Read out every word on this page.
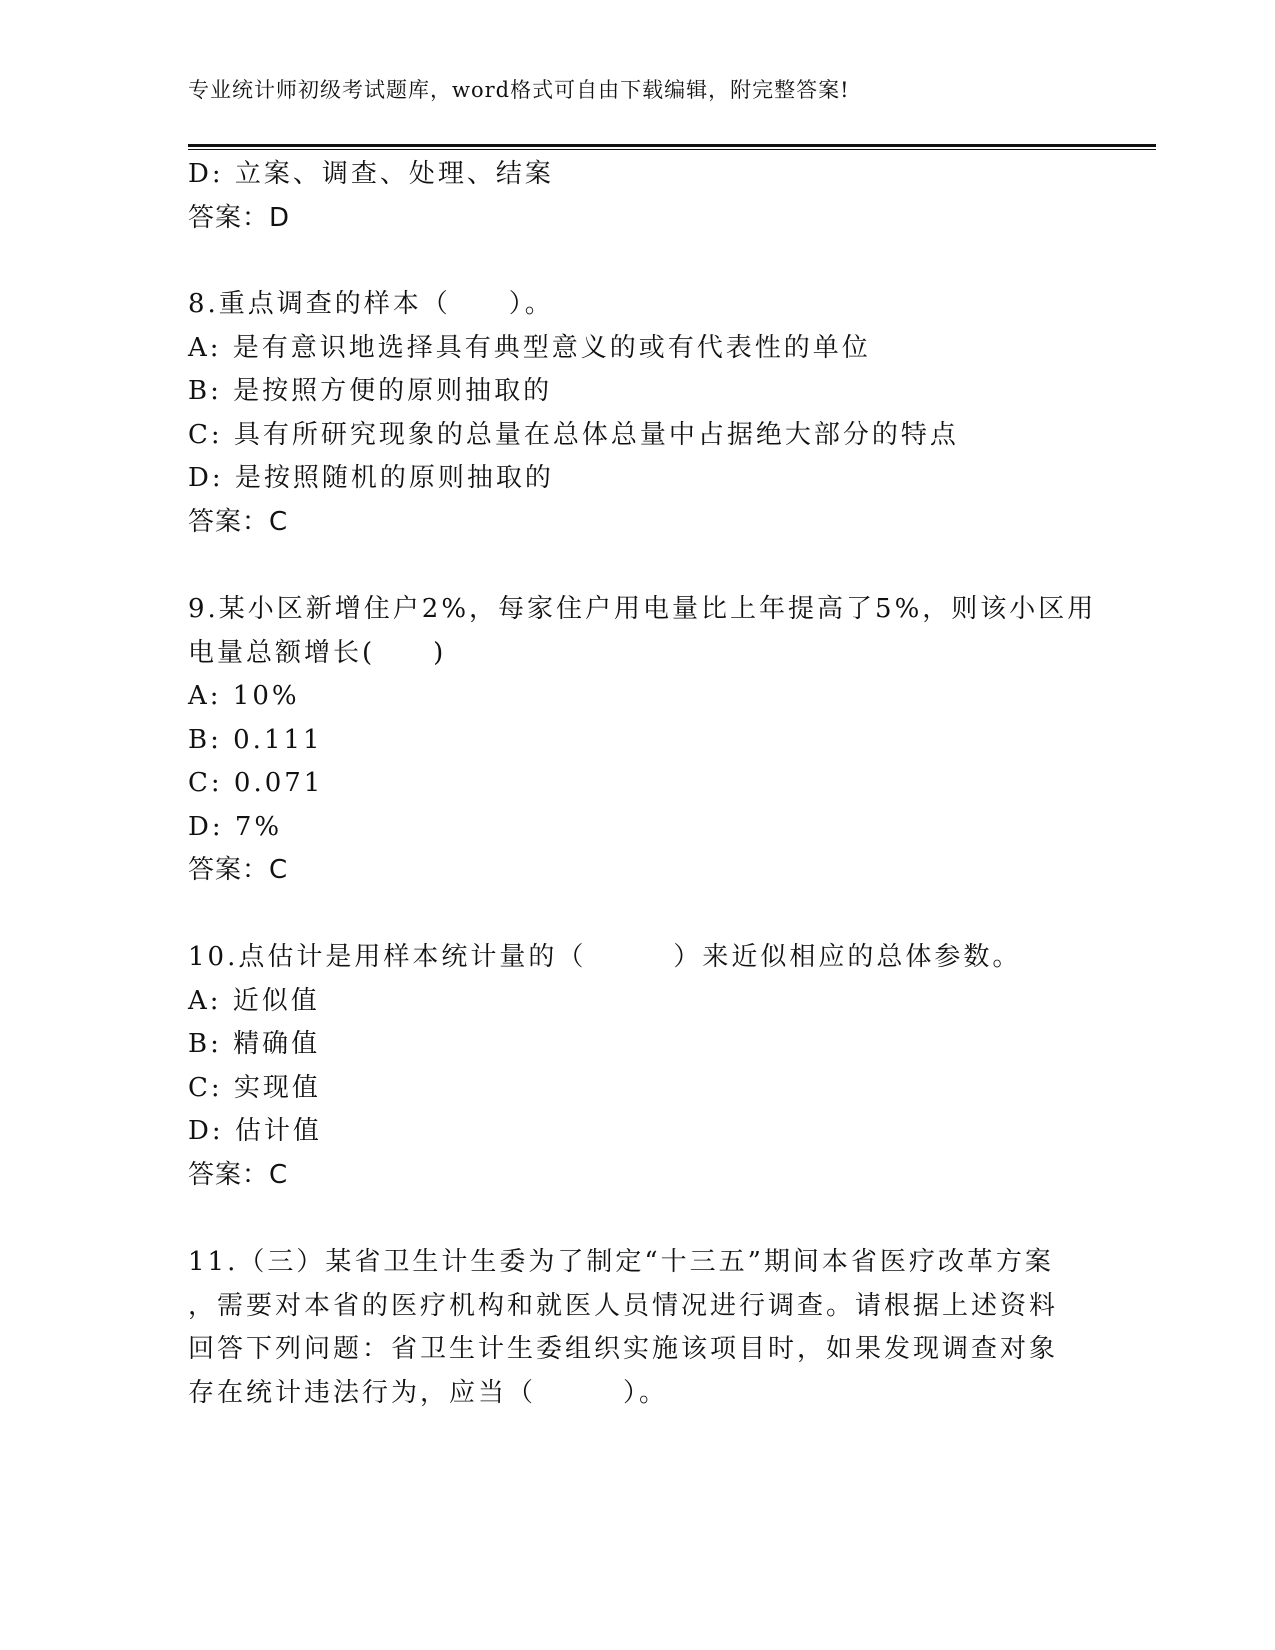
专业统计师初级考试题库，word格式可自由下载编辑，附完整答案!
D: 立案、调查、处理、结案
答案：D
8.重点调查的样本（　　）。
A: 是有意识地选择具有典型意义的或有代表性的单位
B: 是按照方便的原则抽取的
C: 具有所研究现象的总量在总体总量中占据绝大部分的特点
D: 是按照随机的原则抽取的
答案：C
9.某小区新增住户2%，每家住户用电量比上年提高了5%，则该小区用
电量总额增长(　　)
A: 10%
B: 0.111
C: 0.071
D: 7%
答案：C
10.点估计是用样本统计量的（　　　）来近似相应的总体参数。
A: 近似值
B: 精确值
C: 实现值
D: 估计值
答案：C
11.（三）某省卫生计生委为了制定“十三五”期间本省医疗改革方案
，需要对本省的医疗机构和就医人员情况进行调查。请根据上述资料
回答下列问题：省卫生计生委组织实施该项目时，如果发现调查对象
存在统计违法行为，应当（　　　）。
